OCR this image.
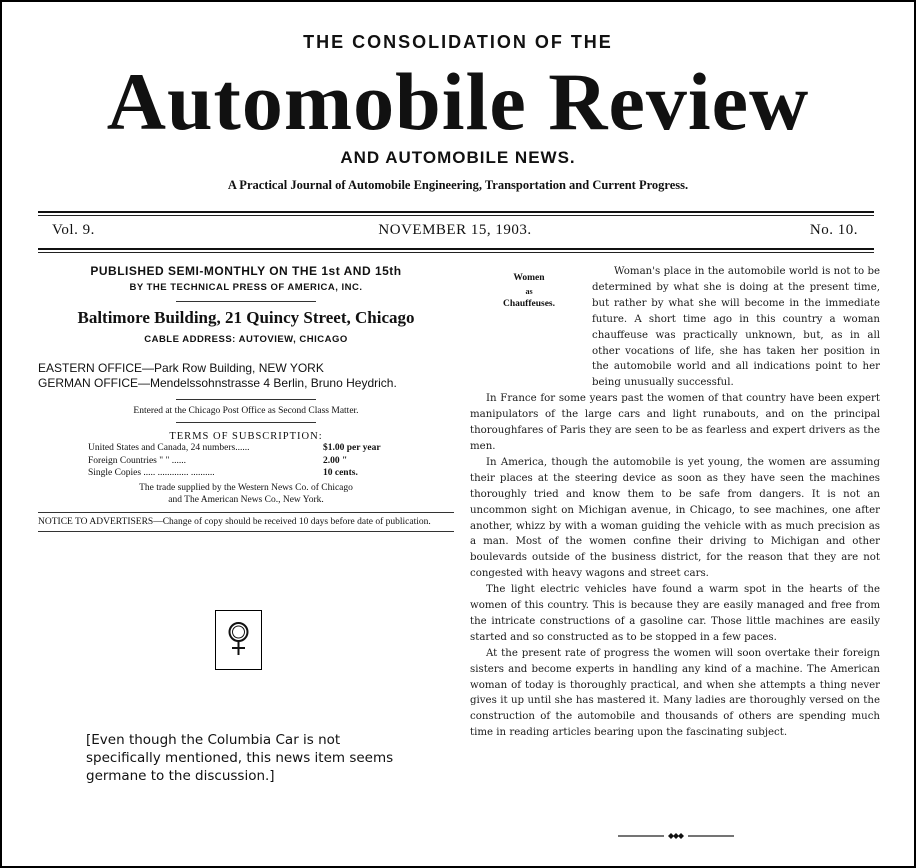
THE CONSOLIDATION OF THE
Automobile Review
AND AUTOMOBILE NEWS.
A Practical Journal of Automobile Engineering, Transportation and Current Progress.
Vol. 9.	NOVEMBER 15, 1903.	No. 10.
PUBLISHED SEMI-MONTHLY ON THE 1st AND 15th
BY THE TECHNICAL PRESS OF AMERICA, INC.
Baltimore Building, 21 Quincy Street, Chicago
CABLE ADDRESS: AUTOVIEW, CHICAGO
EASTERN OFFICE—Park Row Building, NEW YORK
GERMAN OFFICE—Mendelssohnstrasse 4 Berlin, Bruno Heydrich.
Entered at the Chicago Post Office as Second Class Matter.
TERMS OF SUBSCRIPTION:
United States and Canada, 24 numbers......	$1.00 per year
Foreign Countries " " ......	2.00 "
Single Copies ..... ............. ..........	10 cents.
The trade supplied by the Western News Co. of Chicago
and The American News Co., New York.
NOTICE TO ADVERTISERS—Change of copy should be received 10 days before date of publication.
[Even though the Columbia Car is not specifically mentioned, this news item seems germane to the discussion.]
Women
as
Chauffeuses.

Woman's place in the automobile world is not to be determined by what she is doing at the present time, but rather by what she will become in the immediate future. A short time ago in this country a woman chauffeuse was practically unknown, but, as in all other vocations of life, she has taken her position in the automobile world and all indications point to her being unusually successful.

In France for some years past the women of that country have been expert manipulators of the large cars and light runabouts, and on the principal thoroughfares of Paris they are seen to be as fearless and expert drivers as the men.

In America, though the automobile is yet young, the women are assuming their places at the steering device as soon as they have seen the machines thoroughly tried and know them to be safe from dangers. It is not an uncommon sight on Michigan avenue, in Chicago, to see machines, one after another, whizz by with a woman guiding the vehicle with as much precision as a man. Most of the women confine their driving to Michigan and other boulevards outside of the business district, for the reason that they are not congested with heavy wagons and street cars.

The light electric vehicles have found a warm spot in the hearts of the women of this country. This is because they are easily managed and free from the intricate constructions of a gasoline car. Those little machines are easily started and so constructed as to be stopped in a few paces.

At the present rate of progress the women will soon overtake their foreign sisters and become experts in handling any kind of a machine. The American woman of today is thoroughly practical, and when she attempts a thing never gives it up until she has mastered it. Many ladies are thoroughly versed on the construction of the automobile and thousands of others are spending much time in reading articles bearing upon the fascinating subject.
